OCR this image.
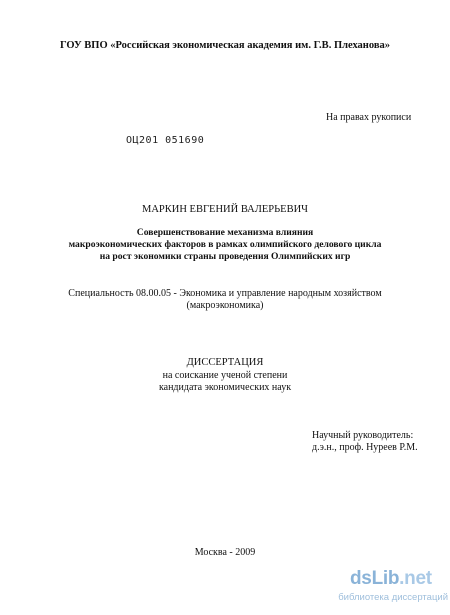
ГОУ ВПО «Российская экономическая академия им. Г.В. Плеханова»
На правах рукописи
ОЦ201 051690
МАРКИН ЕВГЕНИЙ ВАЛЕРЬЕВИЧ
Совершенствование механизма влияния
макроэкономических факторов в рамках олимпийского делового цикла
на рост экономики страны проведения Олимпийских игр
Специальность 08.00.05 - Экономика и управление народным хозяйством
(макроэкономика)
ДИССЕРТАЦИЯ
на соискание ученой степени
кандидата экономических наук
Научный руководитель:
д.э.н., проф. Нуреев Р.М.
Москва - 2009
dsLib.net
библиотека диссертаций
